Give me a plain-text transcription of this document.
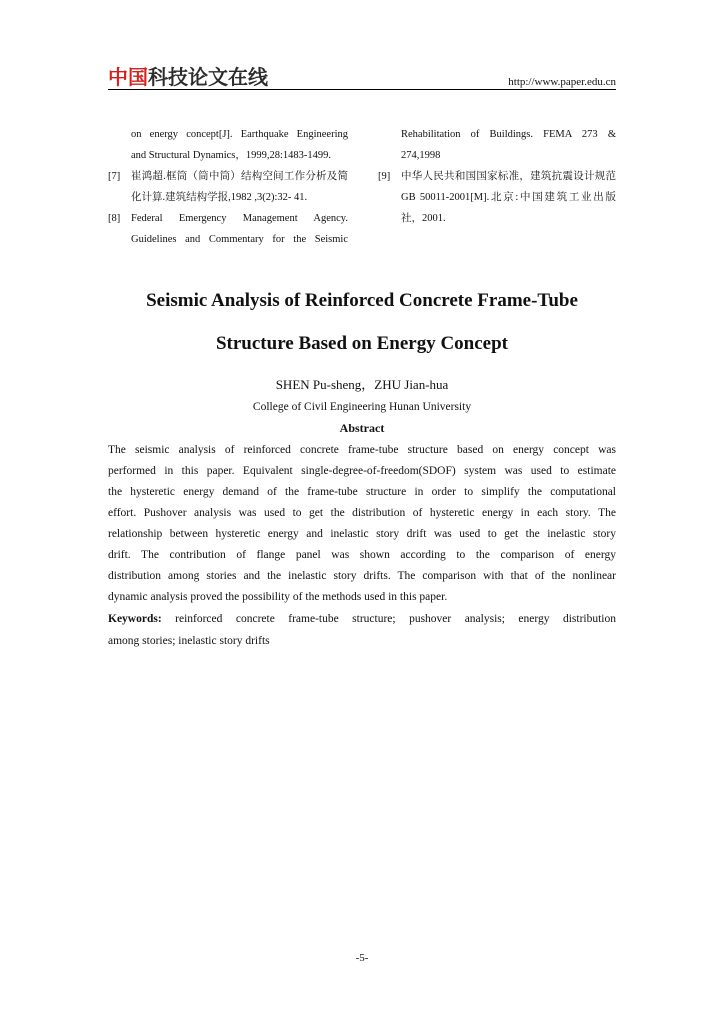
中国科技论文在线	http://www.paper.edu.cn
on energy concept[J]. Earthquake Engineering
and Structural Dynamics，1999,28:1483-1499.
[7] 崔鸿超.框筒（筒中筒）结构空间工作分析及简
化计算.建筑结构学报,1982 ,3(2):32- 41.
[8] Federal Emergency Management Agency.
Guidelines and Commentary for the Seismic
Rehabilitation of Buildings. FEMA 273 &
274,1998
[9] 中华人民共和国国家标准，建筑抗震设计规范
GB 50011-2001[M].北京:中国建筑工业出版
社，2001.
Seismic Analysis of Reinforced Concrete Frame-Tube
Structure Based on Energy Concept
SHEN Pu-sheng，ZHU Jian-hua
College of Civil Engineering Hunan University
Abstract
The seismic analysis of reinforced concrete frame-tube structure based on energy concept was
performed in this paper. Equivalent single-degree-of-freedom(SDOF) system was used to estimate
the hysteretic energy demand of the frame-tube structure in order to simplify the computational
effort. Pushover analysis was used to get the distribution of hysteretic energy in each story. The
relationship between hysteretic energy and inelastic story drift was used to get the inelastic story
drift. The contribution of flange panel was shown according to the comparison of energy
distribution among stories and the inelastic story drifts. The comparison with that of the nonlinear
dynamic analysis proved the possibility of the methods used in this paper.
Keywords: reinforced concrete frame-tube structure; pushover analysis; energy distribution
among stories; inelastic story drifts
-5-
